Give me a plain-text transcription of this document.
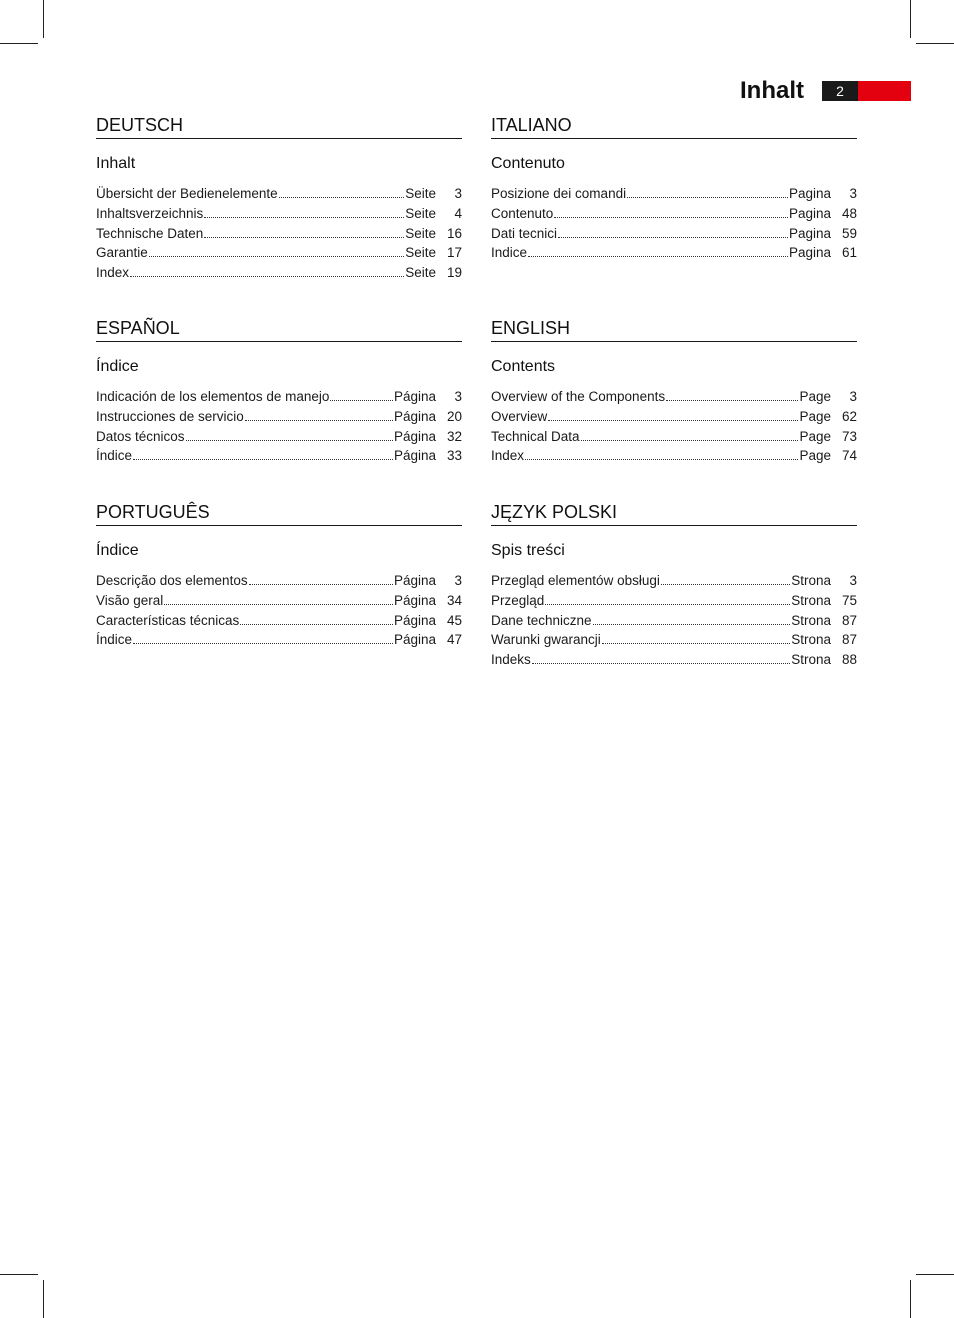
Inhalt	2
DEUTSCH
Inhalt
Übersicht der Bedienelemente	Seite	3
Inhaltsverzeichnis	Seite	4
Technische Daten	Seite 16
Garantie	Seite 17
Index	Seite 19
ITALIANO
Contenuto
Posizione dei comandi	Pagina	3
Contenuto	Pagina 48
Dati tecnici	Pagina 59
Indice	Pagina 61
ESPAÑOL
Índice
Indicación de los elementos de manejo	Página	3
Instrucciones de servicio	Página 20
Datos técnicos	Página 32
Índice	Página 33
ENGLISH
Contents
Overview of the Components	Page	3
Overview	Page 62
Technical Data	Page 73
Index	Page 74
PORTUGUÊS
Índice
Descrição dos elementos	Página	3
Visão geral	Página 34
Características técnicas	Página 45
Índice	Página 47
JĘZYK POLSKI
Spis treści
Przegląd elementów obsługi	Strona	3
Przegląd	Strona 75
Dane techniczne	Strona 87
Warunki gwarancji	Strona 87
Indeks	Strona 88
